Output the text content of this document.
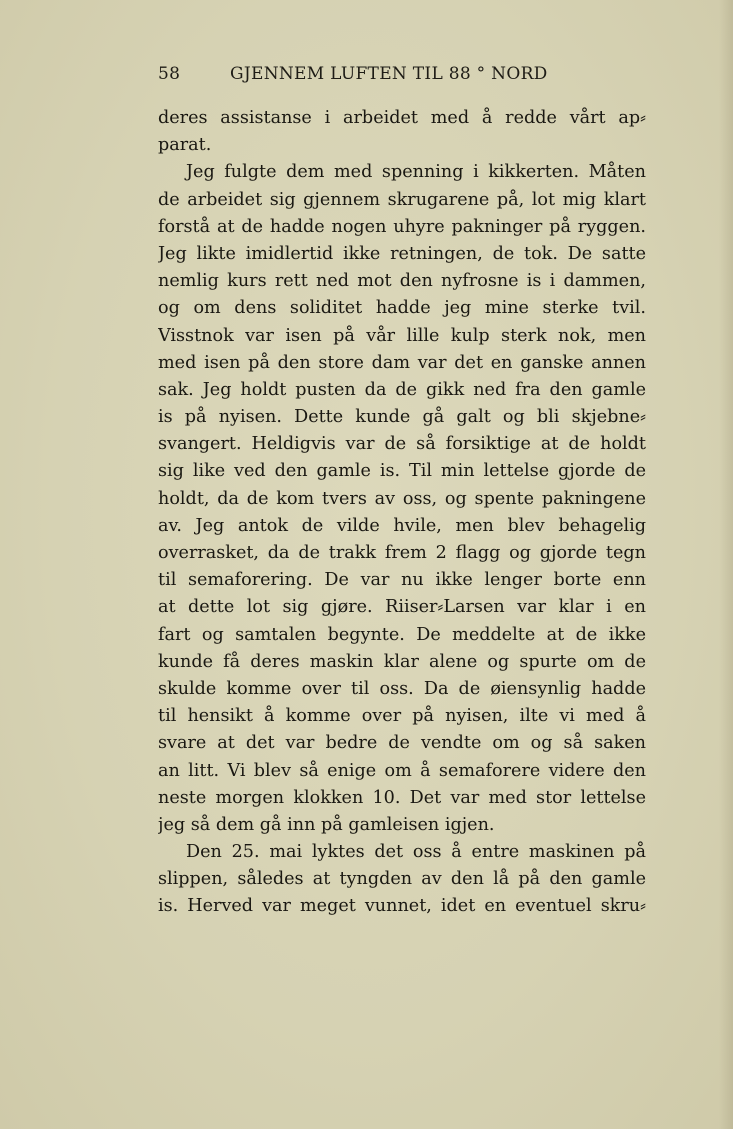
58	GJENNEM LUFTEN TIL 88 ° NORD
deres assistanse i arbeidet med å redde vårt ap⸗
parat.
Jeg fulgte dem med spenning i kikkerten. Måten
de arbeidet sig gjennem skrugarene på, lot mig klart
forstå at de hadde nogen uhyre pakninger på ryggen.
Jeg likte imidlertid ikke retningen, de tok. De satte
nemlig kurs rett ned mot den nyfrosne is i dammen,
og om dens soliditet hadde jeg mine sterke tvil.
Visstnok var isen på vår lille kulp sterk nok, men
med isen på den store dam var det en ganske annen
sak. Jeg holdt pusten da de gikk ned fra den gamle
is på nyisen. Dette kunde gå galt og bli skjebne⸗
svangert. Heldigvis var de så forsiktige at de holdt
sig like ved den gamle is. Til min lettelse gjorde de
holdt, da de kom tvers av oss, og spente pakningene
av. Jeg antok de vilde hvile, men blev behagelig
overrasket, da de trakk frem 2 flagg og gjorde tegn
til semaforering. De var nu ikke lenger borte enn
at dette lot sig gjøre. Riiser⸗Larsen var klar i en
fart og samtalen begynte. De meddelte at de ikke
kunde få deres maskin klar alene og spurte om de
skulde komme over til oss. Da de øiensynlig hadde
til hensikt å komme over på nyisen, ilte vi med å
svare at det var bedre de vendte om og så saken
an litt. Vi blev så enige om å semaforere videre den
neste morgen klokken 10. Det var med stor lettelse
jeg så dem gå inn på gamleisen igjen.
Den 25. mai lyktes det oss å entre maskinen på
slippen, således at tyngden av den lå på den gamle
is. Herved var meget vunnet, idet en eventuel skru⸗
